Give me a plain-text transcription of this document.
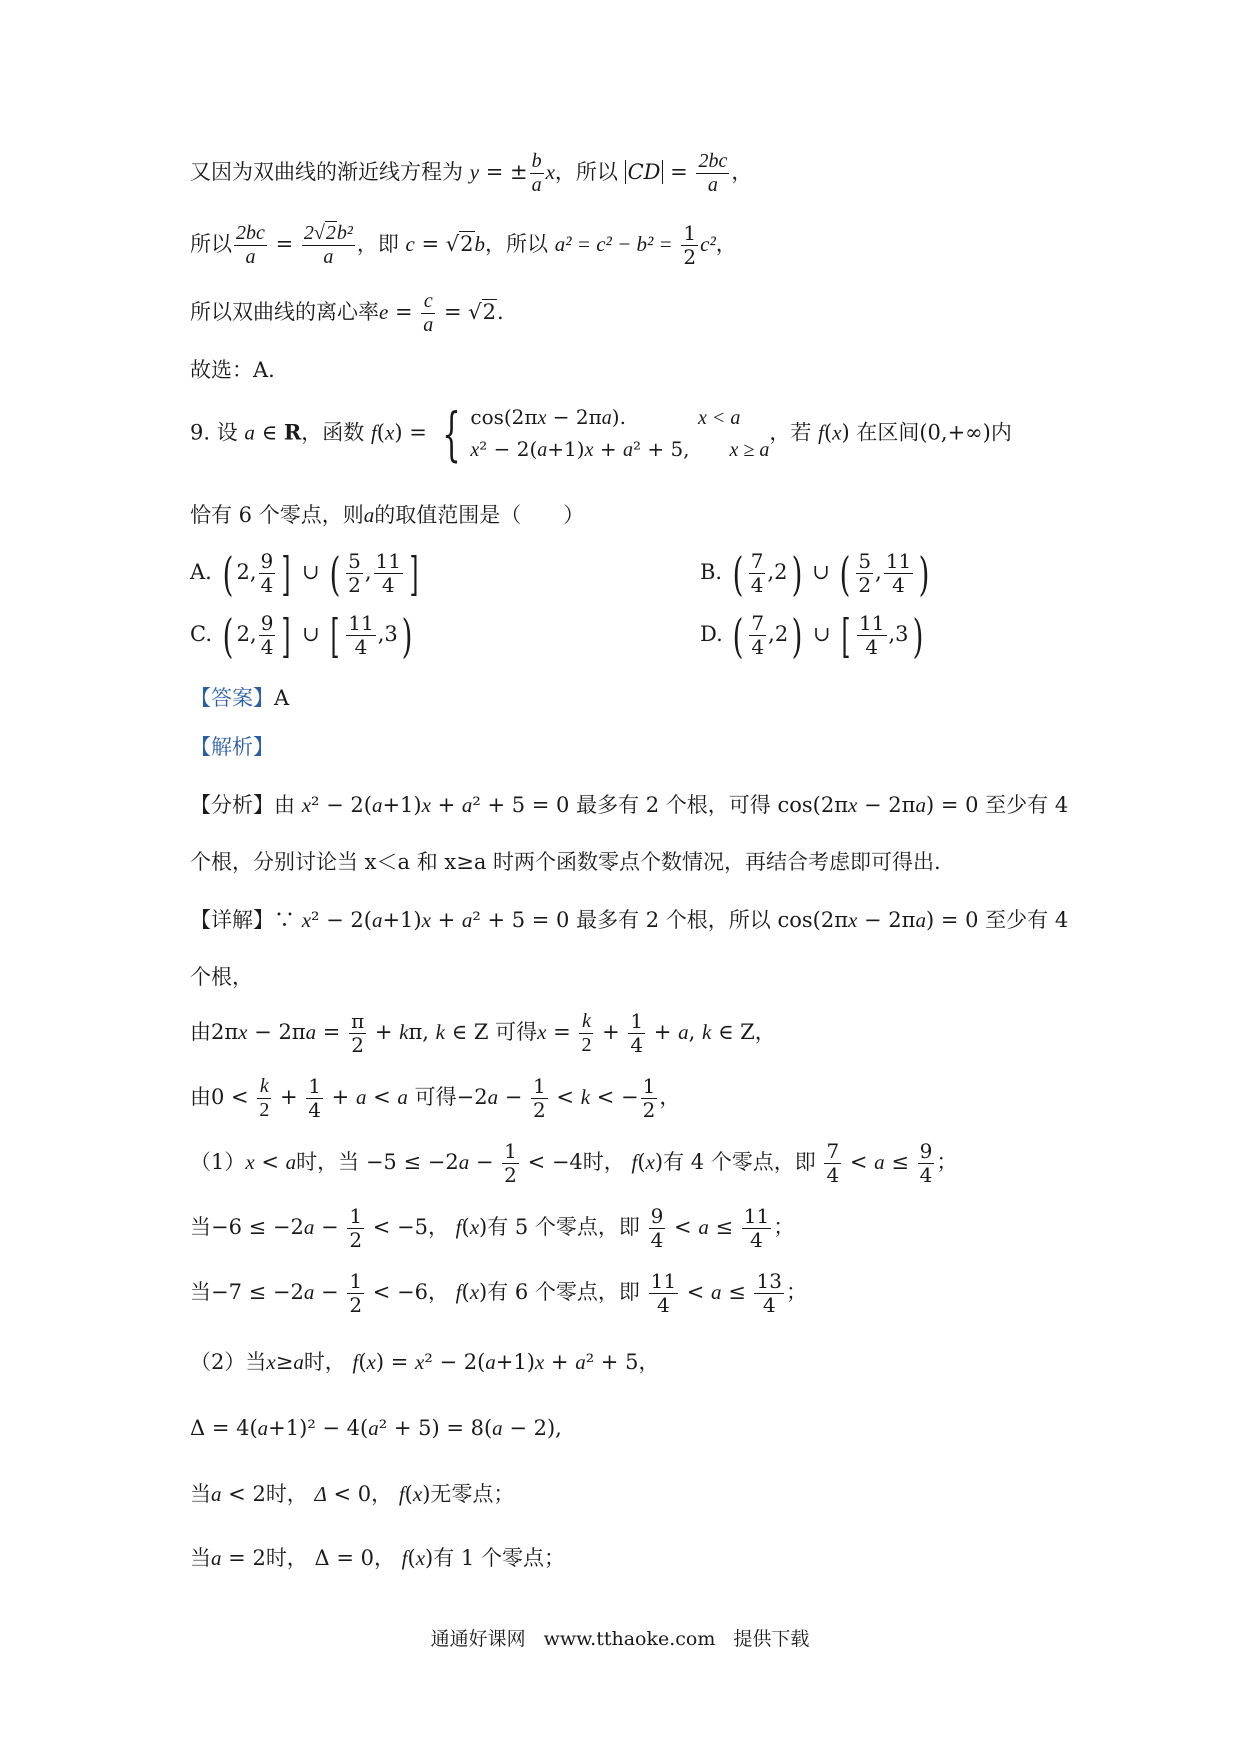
又因为双曲线的渐近线方程为 y = ± $\frac{b}{a}$ x，所以 CD = $\frac{2bc}{a}$ ，
所以 $\frac{2bc}{a} = \frac{\text{2√2b²}}{a}$ ，即 c = √2b，所以 $a^2 = c^2 - b^2 = \frac{1}{2} c^2$，
所以双曲线的离心率$e = \frac{c}{a} = √2$.
故选：A.
9. 设 a ∈ R，函数 f(x) = { cos(2πx − 2πa).	x < a
x² − 2(a+1)x + a² + 5, x ≥ a
，若 f(x) 在区间(0,+∞)内
恰有 6 个零点，则a的取值范围是（　　）
A. ( 2, $\frac{9}{4}$ ] ∪ ( $\frac{5}{2}$ , $\frac{11}{4}$ ]	B. ( $\frac{7}{4} ,2$) ∪ ( $\frac{5}{2}$ , $\frac{11}{4}$ )
C. ( 2, $\frac{9}{4}$ ] ∪ [ $\frac{11}{4} ,3$)	D. ( $\frac{7}{4} ,2$) ∪ [ $\frac{11}{4} ,3$)
【答案】A
【解析】
【分析】由 x² − 2(a+1)x + a² + 5 = 0 最多有 2 个根，可得 cos(2πx − 2πa) = 0 至少有 4
个根，分别讨论当 x＜a 和 x≥a 时两个函数零点个数情况，再结合考虑即可得出.
【详解】∵ x² − 2(a+1)x + a² + 5 = 0 最多有 2 个根，所以 cos(2πx − 2πa) = 0 至少有 4
个根，
由$2\pi x - 2\pi a = \frac{\pi}{2} + k\pi$, k ∈ Z 可得$x = \frac{k}{2} + \frac{1}{4} + a$, k ∈ Z，
由$0 < \frac{k}{2} + \frac{1}{4} + a < a$ 可得$-2a - \frac{1}{2} < k$ < − $\frac{1}{2}$ ，
（1）x < a时，当 $-5 \le -2a - \frac{1}{2} < -4$时， f(x)有 4 个零点，即 $\frac{7}{4} < a \le \frac{9}{4}$ ；
当$-6 \le -2a - \frac{1}{2} < -5$， f(x)有 5 个零点，即 $\frac{9}{4} < a \le \frac{11}{4}$ ；
当$-7 \le -2a - \frac{1}{2} < -6$， f(x)有 6 个零点，即 $\frac{11}{4} < a \le \frac{13}{4}$ ；
（2）当x≥a时， f(x) = x² − 2(a+1)x + a² + 5，
Δ = 4(a+1)² − 4(a² + 5) = 8(a − 2),
当a < 2时， Δ < 0， f(x)无零点；
当a = 2时， Δ = 0， f(x)有 1 个零点；
通通好课网 www.tthaoke.com 提供下载
